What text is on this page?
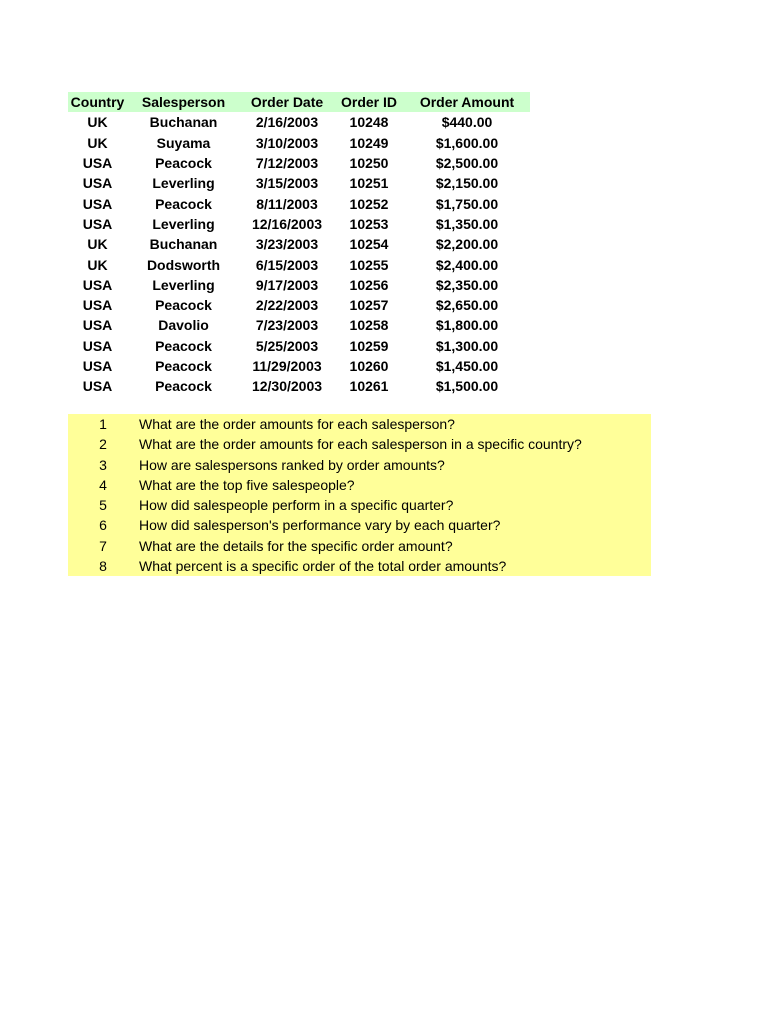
Country	Salesperson	Order Date	Order ID	Order Amount
UK	Buchanan	2/16/2003	10248	$440.00
UK	Suyama	3/10/2003	10249	$1,600.00
USA	Peacock	7/12/2003	10250	$2,500.00
USA	Leverling	3/15/2003	10251	$2,150.00
USA	Peacock	8/11/2003	10252	$1,750.00
USA	Leverling	12/16/2003	10253	$1,350.00
UK	Buchanan	3/23/2003	10254	$2,200.00
UK	Dodsworth	6/15/2003	10255	$2,400.00
USA	Leverling	9/17/2003	10256	$2,350.00
USA	Peacock	2/22/2003	10257	$2,650.00
USA	Davolio	7/23/2003	10258	$1,800.00
USA	Peacock	5/25/2003	10259	$1,300.00
USA	Peacock	11/29/2003	10260	$1,450.00
USA	Peacock	12/30/2003	10261	$1,500.00
1	What are the order amounts for each salesperson?
2	What are the order amounts for each salesperson in a specific country?
3	How are salespersons ranked by order amounts?
4	What are the top five salespeople?
5	How did salespeople perform in a specific quarter?
6	How did salesperson's performance vary by each quarter?
7	What are the details for the specific order amount?
8	What percent is a specific order of the total order amounts?
